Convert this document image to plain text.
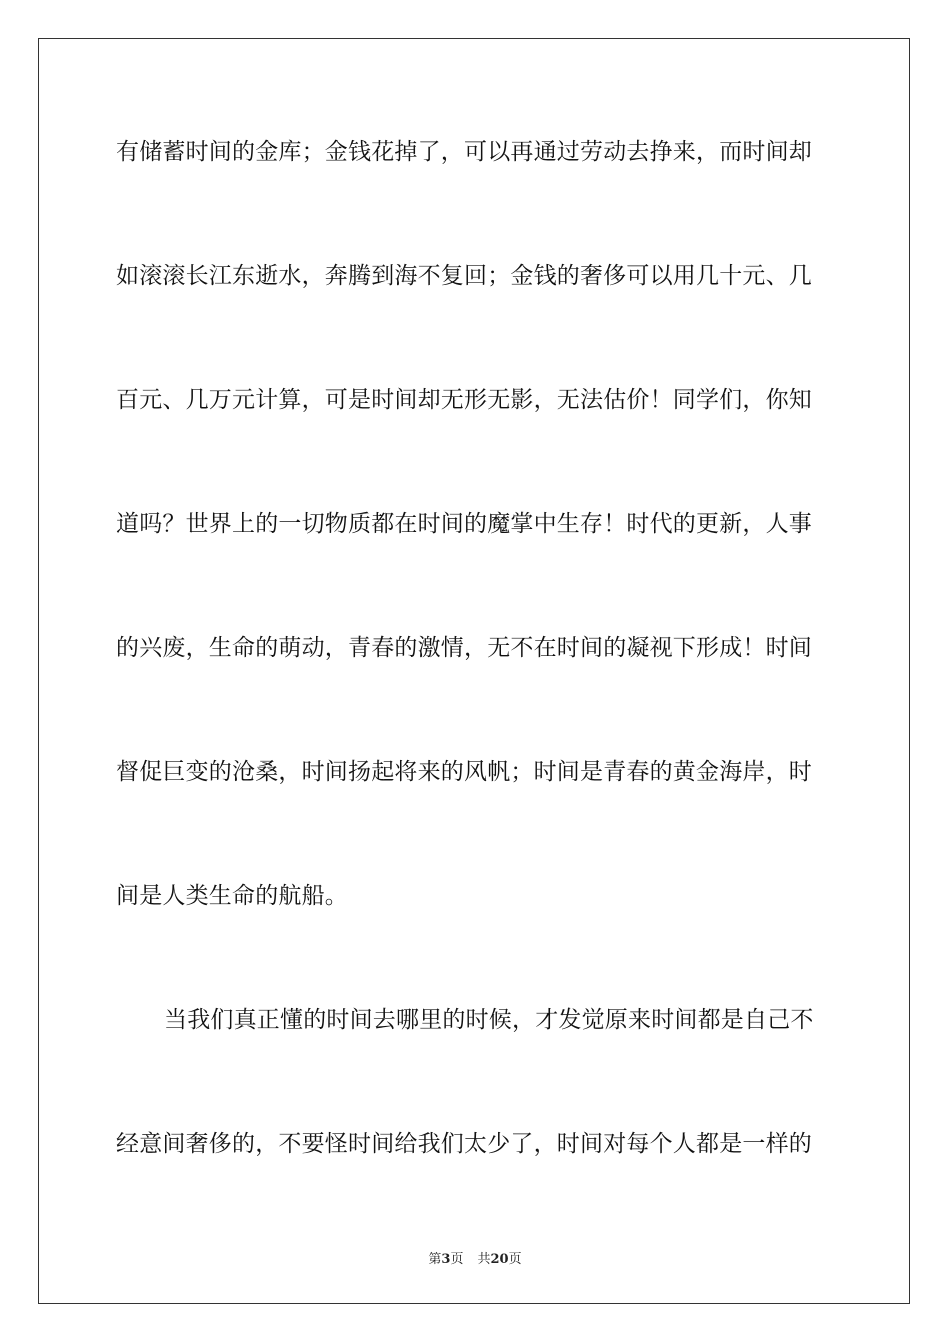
有储蓄时间的金库；金钱花掉了，可以再通过劳动去挣来，而时间却
如滚滚长江东逝水，奔腾到海不复回；金钱的奢侈可以用几十元、几
百元、几万元计算，可是时间却无形无影，无法估价！同学们，你知
道吗？世界上的一切物质都在时间的魔掌中生存！时代的更新，人事
的兴废，生命的萌动，青春的激情，无不在时间的凝视下形成！时间
督促巨变的沧桑，时间扬起将来的风帆；时间是青春的黄金海岸，时
间是人类生命的航船。
当我们真正懂的时间去哪里的时候，才发觉原来时间都是自己不
经意间奢侈的，不要怪时间给我们太少了，时间对每个人都是一样的
第3页 共20页
